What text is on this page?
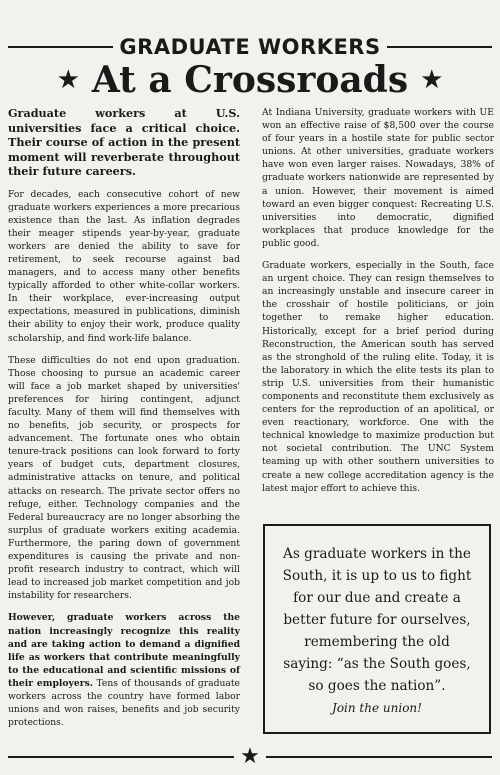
GRADUATE WORKERS
★ At a Crossroads ★

Graduate workers at U.S. universities face a critical choice. Their course of action in the present moment will reverberate throughout their future careers.

For decades, each consecutive cohort of new graduate workers experiences a more precarious existence than the last. As inflation degrades their meager stipends year-by-year, graduate workers are denied the ability to save for retirement, to seek recourse against bad managers, and to access many other benefits typically afforded to other white-collar workers. In their workplace, ever-increasing output expectations, measured in publications, diminish their ability to enjoy their work, produce quality scholarship, and find work-life balance.

These difficulties do not end upon graduation. Those choosing to pursue an academic career will face a job market shaped by universities' preferences for hiring contingent, adjunct faculty. Many of them will find themselves with no benefits, job security, or prospects for advancement. The fortunate ones who obtain tenure-track positions can look forward to forty years of budget cuts, department closures, administrative attacks on tenure, and political attacks on research. The private sector offers no refuge, either. Technology companies and the Federal bureaucracy are no longer absorbing the surplus of graduate workers exiting academia. Furthermore, the paring down of government expenditures is causing the private and non-profit research industry to contract, which will lead to increased job market competition and job instability for researchers.

However, graduate workers across the nation increasingly recognize this reality and are taking action to demand a dignified life as workers that contribute meaningfully to the educational and scientific missions of their employers. Tens of thousands of graduate workers across the country have formed labor unions and won raises, benefits and job security protections.

At Indiana University, graduate workers with UE won an effective raise of $8,500 over the course of four years in a hostile state for public sector unions. At other universities, graduate workers have won even larger raises. Nowadays, 38% of graduate workers nationwide are represented by a union. However, their movement is aimed toward an even bigger conquest: Recreating U.S. universities into democratic, dignified workplaces that produce knowledge for the public good.

Graduate workers, especially in the South, face an urgent choice. They can resign themselves to an increasingly unstable and insecure career in the crosshair of hostile politicians, or join together to remake higher education. Historically, except for a brief period during Reconstruction, the American south has served as the stronghold of the ruling elite. Today, it is the laboratory in which the elite tests its plan to strip U.S. universities from their humanistic components and reconstitute them exclusively as centers for the reproduction of an apolitical, or even reactionary, workforce. One with the technical knowledge to maximize production but not societal contribution. The UNC System teaming up with other southern universities to create a new college accreditation agency is the latest major effort to achieve this.

As graduate workers in the South, it is up to us to fight for our due and create a better future for ourselves, remembering the old saying: “as the South goes, so goes the nation”.
Join the union!
★
